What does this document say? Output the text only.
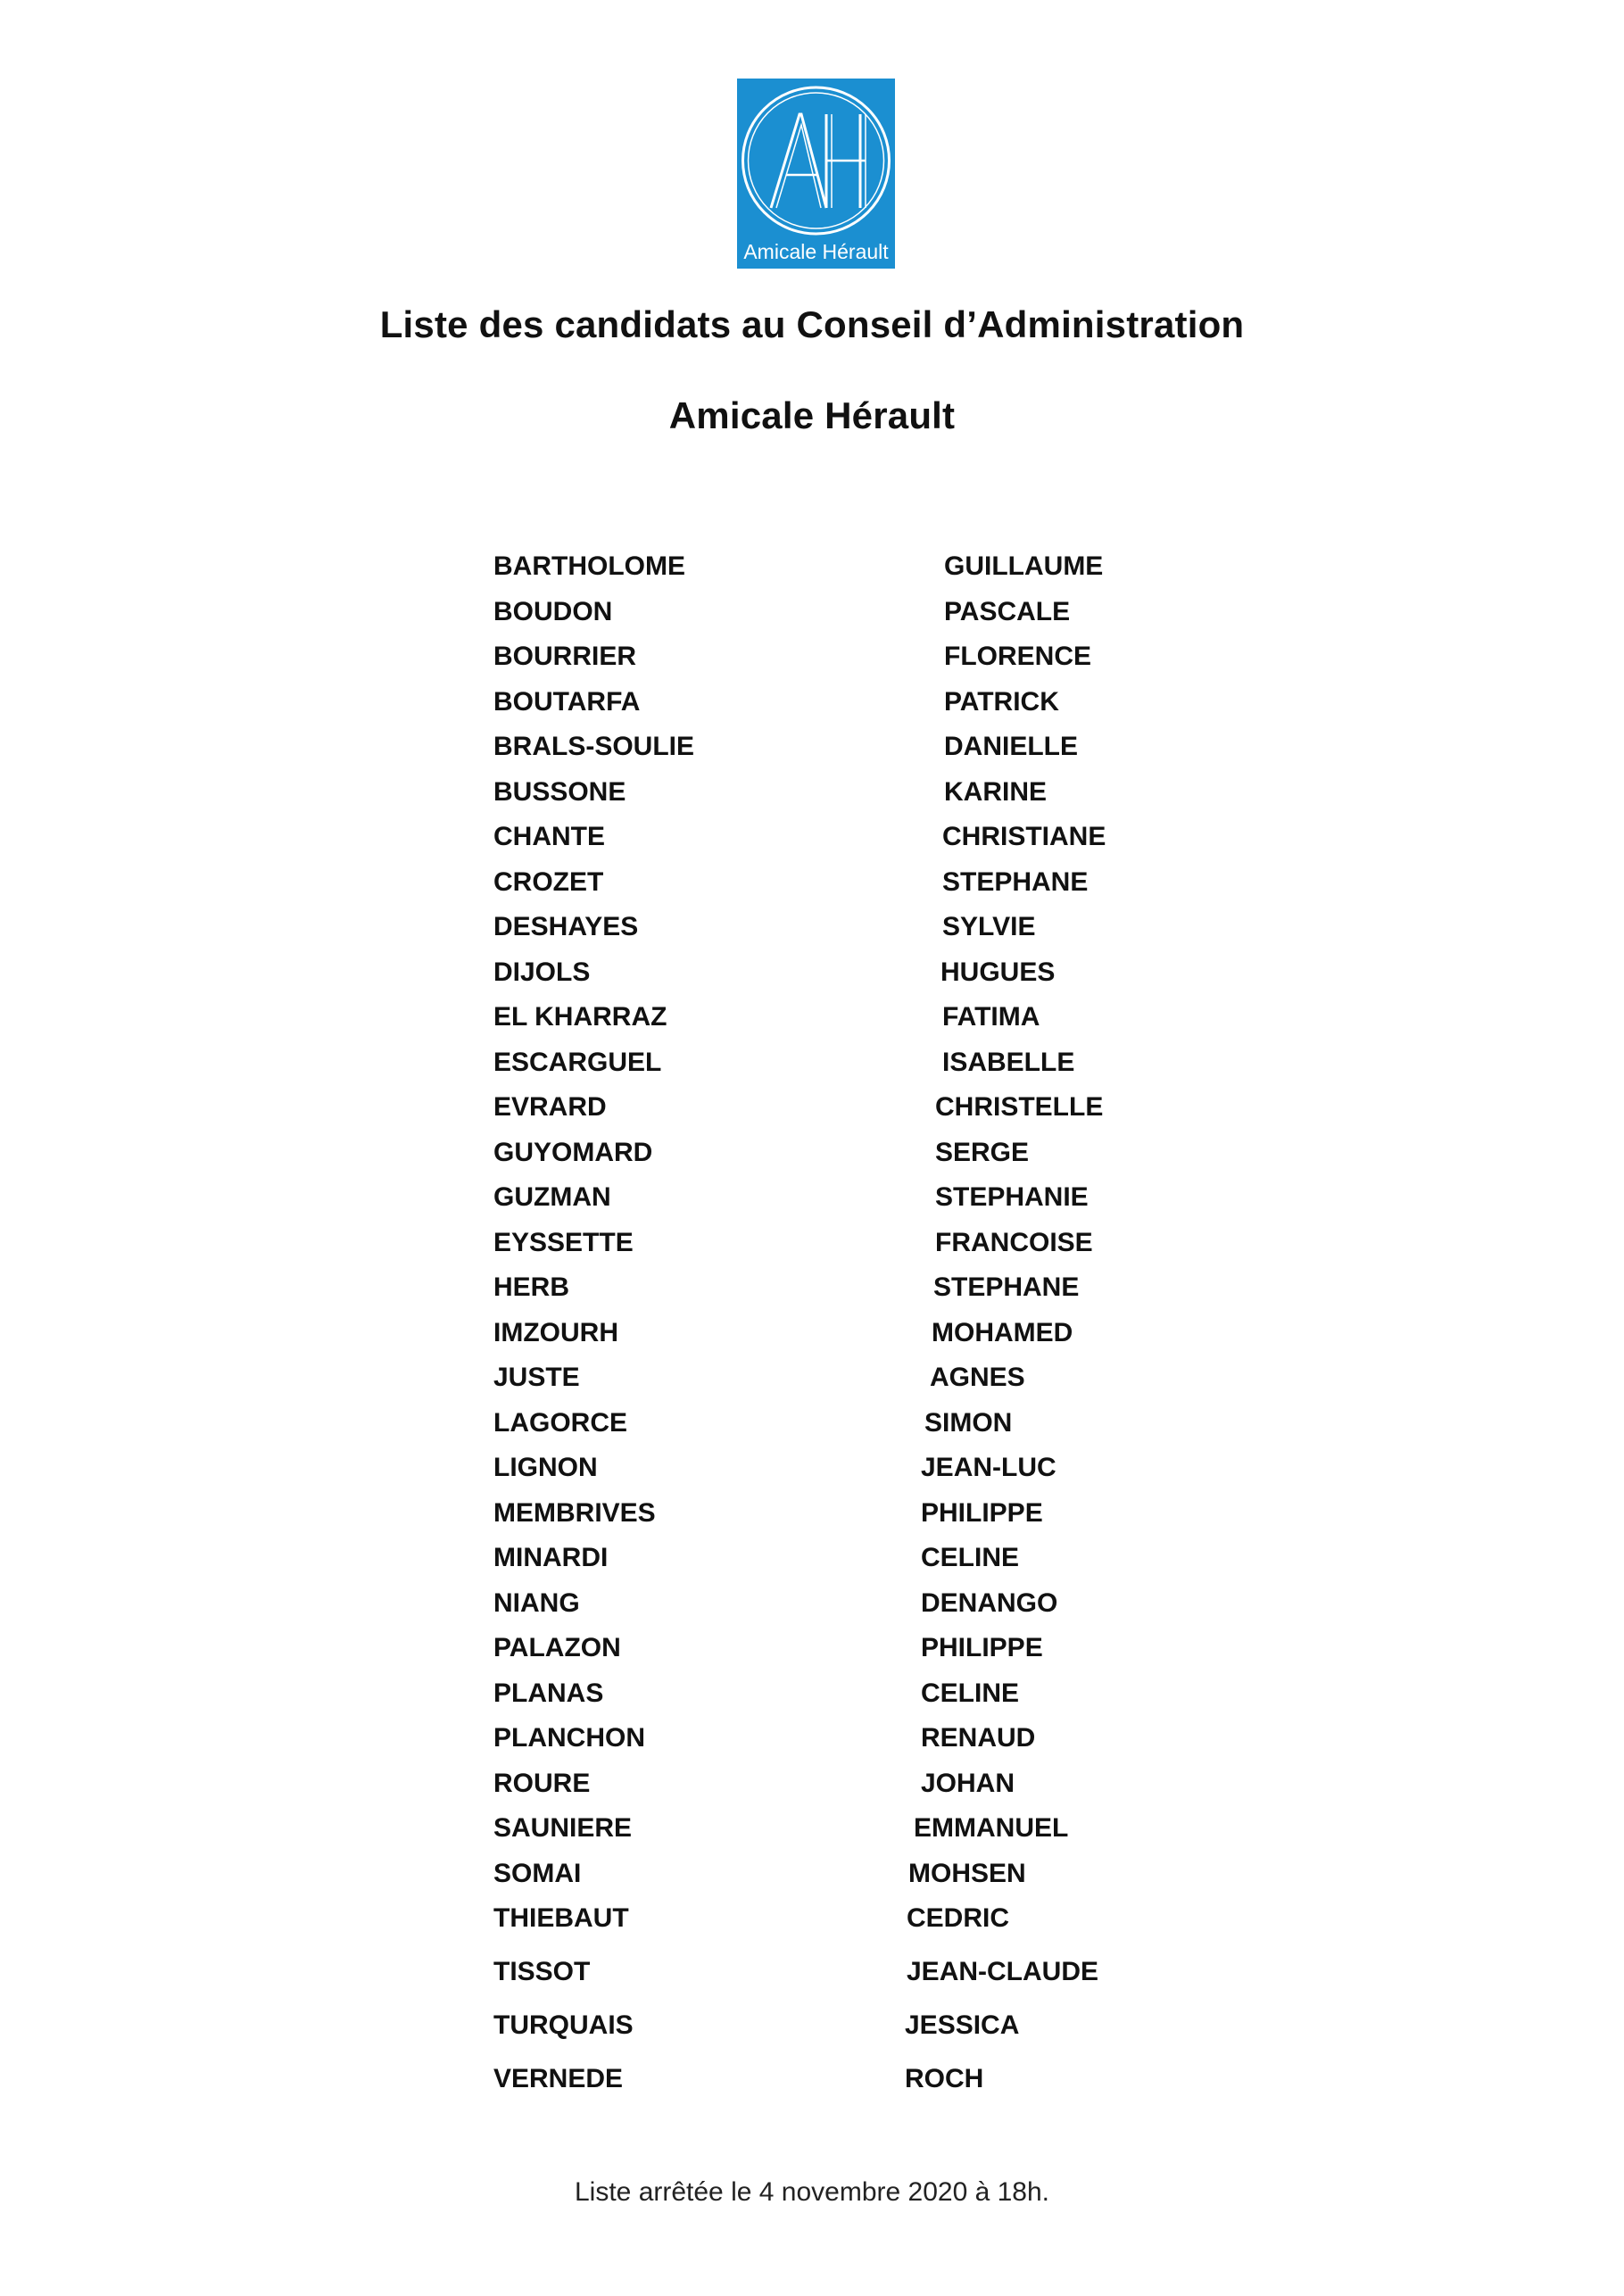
Amicale Hérault
Liste des candidats au Conseil d’Administration
Amicale Hérault
BARTHOLOME	GUILLAUME
BOUDON	PASCALE
BOURRIER	FLORENCE
BOUTARFA	PATRICK
BRALS-SOULIE	DANIELLE
BUSSONE	KARINE
CHANTE	CHRISTIANE
CROZET	STEPHANE
DESHAYES	SYLVIE
DIJOLS	HUGUES
EL KHARRAZ	FATIMA
ESCARGUEL	ISABELLE
EVRARD	CHRISTELLE
GUYOMARD	SERGE
GUZMAN	STEPHANIE
EYSSETTE	FRANCOISE
HERB	STEPHANE
IMZOURH	MOHAMED
JUSTE	AGNES
LAGORCE	SIMON
LIGNON	JEAN-LUC
MEMBRIVES	PHILIPPE
MINARDI	CELINE
NIANG	DENANGO
PALAZON	PHILIPPE
PLANAS	CELINE
PLANCHON	RENAUD
ROURE	JOHAN
SAUNIERE	EMMANUEL
SOMAI	MOHSEN
THIEBAUT	CEDRIC
TISSOT	JEAN-CLAUDE
TURQUAIS	JESSICA
VERNEDE	ROCH
Liste arrêtée le 4 novembre 2020 à 18h.
